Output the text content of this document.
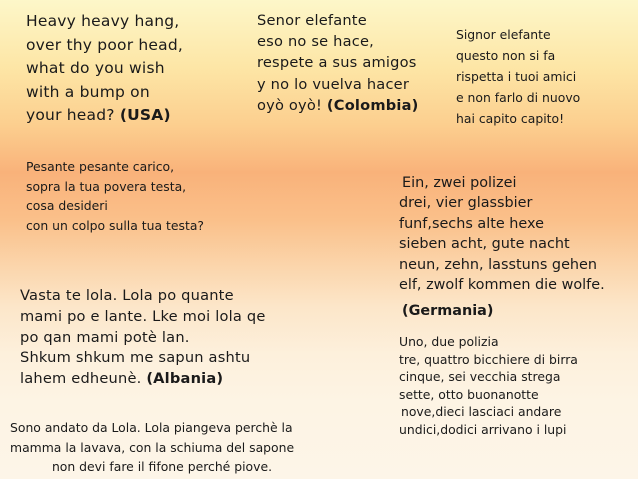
Heavy heavy hang,
over thy poor head,
what do you wish
with a bump on
your head? (USA)
Pesante pesante carico,
sopra la tua povera testa,
cosa desideri
con un colpo sulla tua testa?
Senor elefante
eso no se hace,
respete a sus amigos
y no lo vuelva hacer
oyò oyò! (Colombia)
Signor elefante
questo non si fa
rispetta i tuoi amici
e non farlo di nuovo
hai capito capito!
Ein, zwei polizei
drei, vier glassbier
funf,sechs alte hexe
sieben acht, gute nacht
neun, zehn, lasstuns gehen
elf, zwolf kommen die wolfe.
(Germania)
Uno, due polizia
tre, quattro bicchiere di birra
cinque, sei vecchia strega
sette, otto buonanotte
nove,dieci lasciaci andare
undici,dodici arrivano i lupi
Vasta te lola. Lola po quante
mami po e lante. Lke moi lola qe
po qan mami potè lan.
Shkum shkum me sapun ashtu
lahem edheunè. (Albania)
Sono andato da Lola. Lola piangeva perchè la
mamma la lavava, con la schiuma del sapone
non devi fare il fifone perché piove.
